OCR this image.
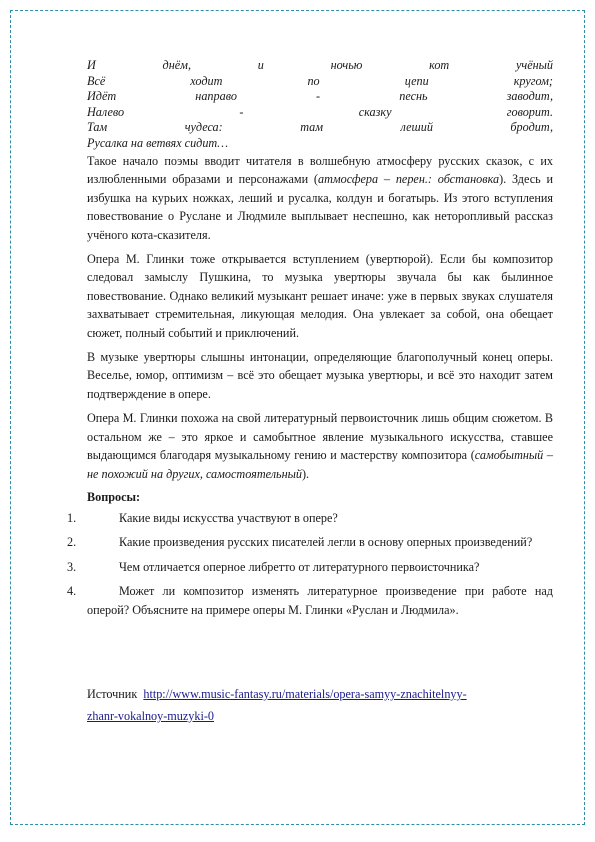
И днём, и ночью кот учёный
Всё ходит по цепи кругом;
Идёт направо - песнь заводит,
Налево - сказку говорит.
Там чудеса: там леший бродит,
Русалка на ветвях сидит…

Такое начало поэмы вводит читателя в волшебную атмосферу русских сказок, с их излюбленными образами и персонажами (атмосфера – перен.: обстановка). Здесь и избушка на курьих ножках, леший и русалка, колдун и богатырь. Из этого вступления повествование о Руслане и Людмиле выплывает неспешно, как неторопливый рассказ учёного кота-сказителя.

Опера М. Глинки тоже открывается вступлением (увертюрой). Если бы композитор следовал замыслу Пушкина, то музыка увертюры звучала бы как былинное повествование. Однако великий музыкант решает иначе: уже в первых звуках слушателя захватывает стремительная, ликующая мелодия. Она увлекает за собой, она обещает сюжет, полный событий и приключений.

В музыке увертюры слышны интонации, определяющие благополучный конец оперы. Веселье, юмор, оптимизм – всё это обещает музыка увертюры, и всё это находит затем подтверждение в опере.

Опера М. Глинки похожа на свой литературный первоисточник лишь общим сюжетом. В остальном же – это яркое и самобытное явление музыкального искусства, ставшее выдающимся благодаря музыкальному гению и мастерству композитора (самобытный – не похожий на других, самостоятельный).

Вопросы:
1.	Какие виды искусства участвуют в опере?
2.	Какие произведения русских писателей легли в основу оперных произведений?
3.	Чем отличается оперное либретто от литературного первоисточника?
4.	Может ли композитор изменять литературное произведение при работе над оперой? Объясните на примере оперы М. Глинки «Руслан и Людмила».
Источник http://www.music-fantasy.ru/materials/opera-samyy-znachitelnyy-
zhanr-vokalnoy-muzyki-0
